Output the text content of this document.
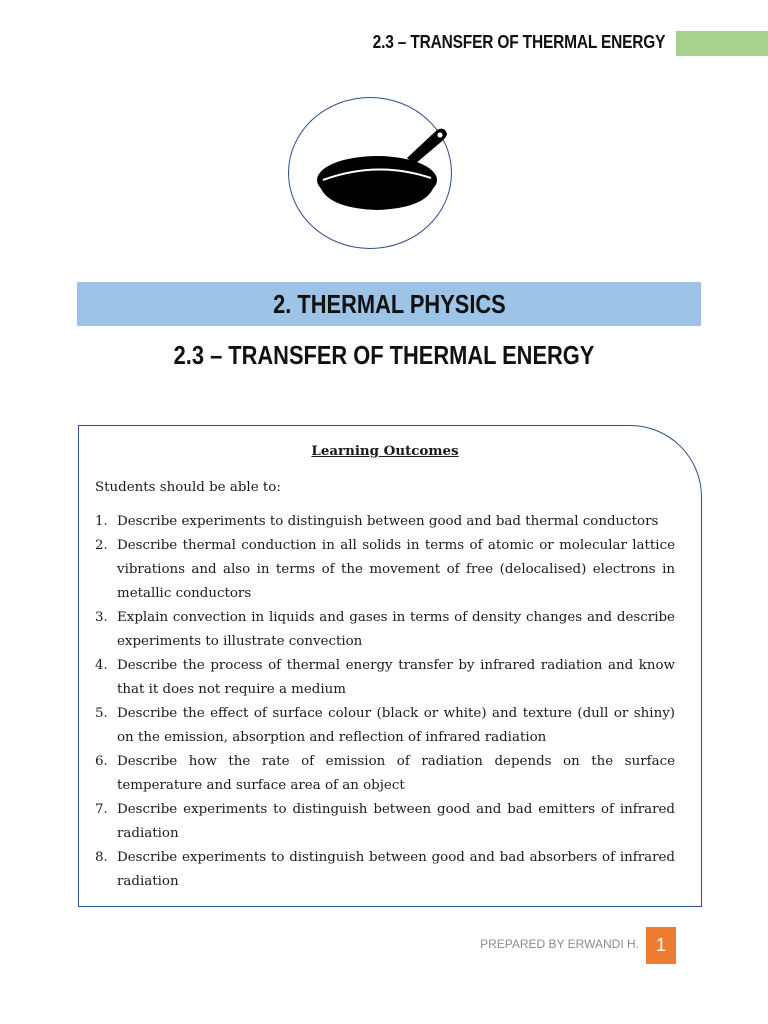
2.3 – TRANSFER OF THERMAL ENERGY
2. THERMAL PHYSICS
2.3 – TRANSFER OF THERMAL ENERGY
Learning Outcomes
Students should be able to:
1. Describe experiments to distinguish between good and bad thermal conductors
2. Describe thermal conduction in all solids in terms of atomic or molecular lattice vibrations and also in terms of the movement of free (delocalised) electrons in metallic conductors
3. Explain convection in liquids and gases in terms of density changes and describe experiments to illustrate convection
4. Describe the process of thermal energy transfer by infrared radiation and know that it does not require a medium
5. Describe the effect of surface colour (black or white) and texture (dull or shiny) on the emission, absorption and reflection of infrared radiation
6. Describe how the rate of emission of radiation depends on the surface temperature and surface area of an object
7. Describe experiments to distinguish between good and bad emitters of infrared radiation
8. Describe experiments to distinguish between good and bad absorbers of infrared radiation
PREPARED BY ERWANDI H. 1
